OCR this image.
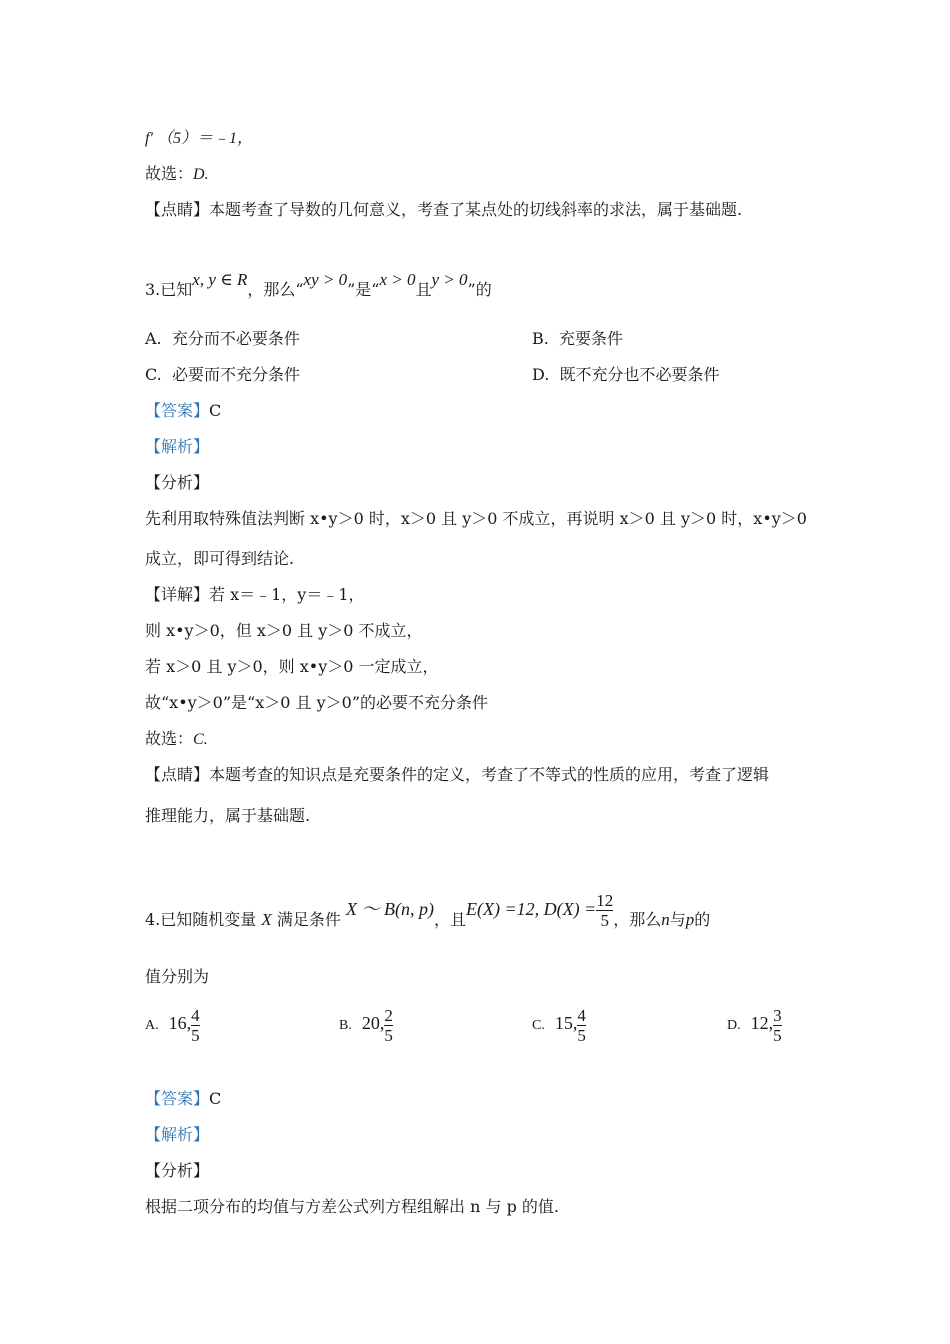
f′ （5）＝﹣1，
故选：D.
【点睛】本题考查了导数的几何意义，考查了某点处的切线斜率的求法，属于基础题.
3.已知x, y ∈ R，那么“xy > 0”是“x > 0且y > 0”的
A. 充分而不必要条件	B. 充要条件
C. 必要而不充分条件	D. 既不充分也不必要条件
【答案】C
【解析】
【分析】
先利用取特殊值法判断 x•y＞0 时，x＞0 且 y＞0 不成立，再说明 x＞0 且 y＞0 时，x•y＞0
成立，即可得到结论.
【详解】若 x＝﹣1，y＝﹣1，
则 x•y＞0，但 x＞0 且 y＞0 不成立，
若 x＞0 且 y＞0，则 x•y＞0 一定成立，
故“x•y＞0”是“x＞0 且 y＞0”的必要不充分条件
故选：C.
【点睛】本题考查的知识点是充要条件的定义，考查了不等式的性质的应用，考查了逻辑
推理能力，属于基础题.
4.已知随机变量 X 满足条件 X ～ B(n, p)，且E(X) =12, $D(X) = \frac{12}{5}$ ，那么n与p的
值分别为
A. 16, $\frac{4}{5}$	B. 20, $\frac{2}{5}$	C. 15, $\frac{4}{5}$	D. 12, $\frac{3}{5}$
【答案】C
【解析】
【分析】
根据二项分布的均值与方差公式列方程组解出 n 与 p 的值.
